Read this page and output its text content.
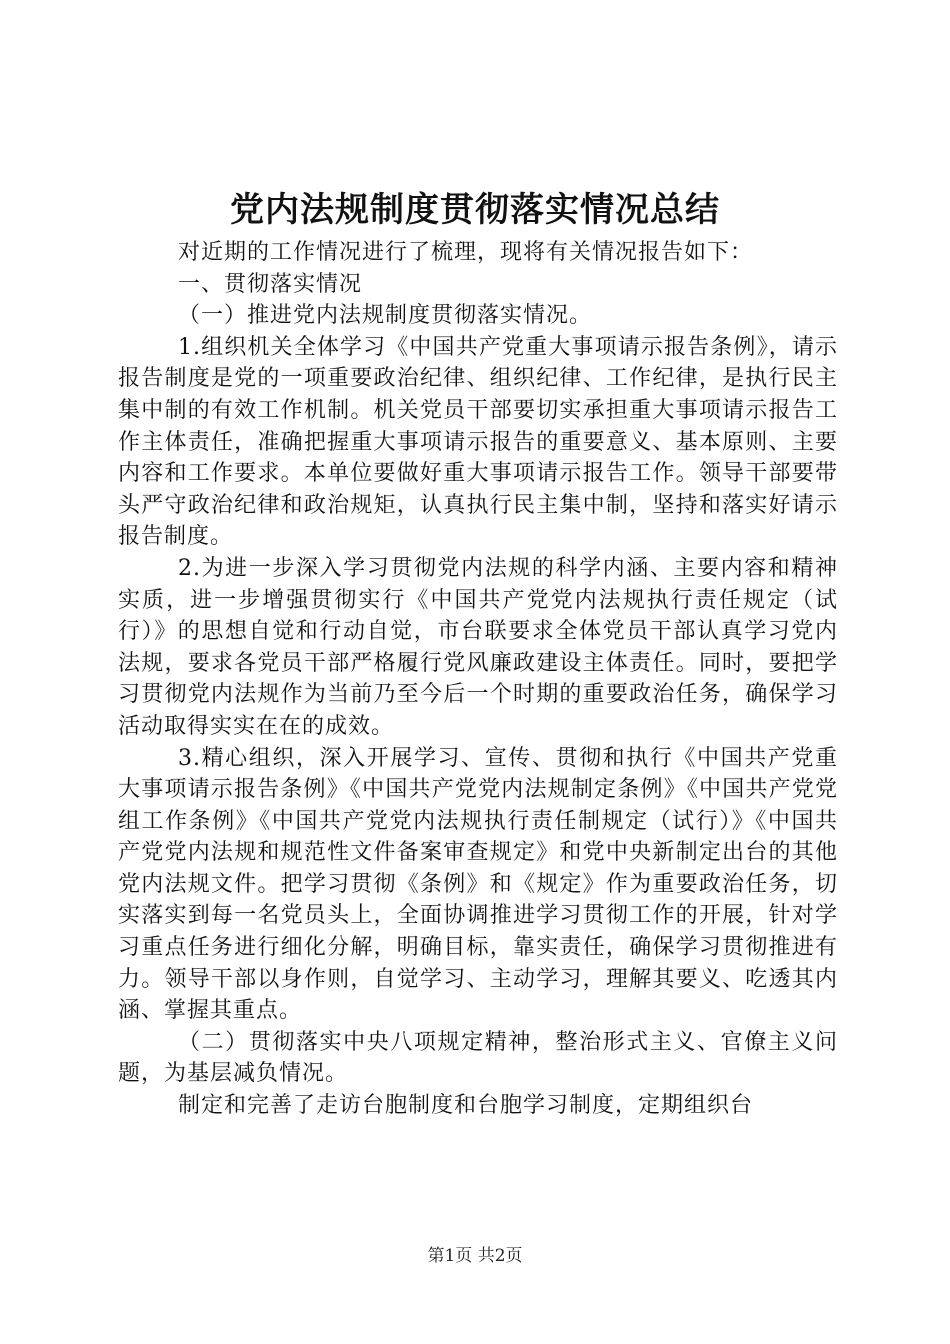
党内法规制度贯彻落实情况总结

对近期的工作情况进行了梳理，现将有关情况报告如下：

一、贯彻落实情况

（一）推进党内法规制度贯彻落实情况。

1.组织机关全体学习《中国共产党重大事项请示报告条例》，请示报告制度是党的一项重要政治纪律、组织纪律、工作纪律，是执行民主集中制的有效工作机制。机关党员干部要切实承担重大事项请示报告工作主体责任，准确把握重大事项请示报告的重要意义、基本原则、主要内容和工作要求。本单位要做好重大事项请示报告工作。领导干部要带头严守政治纪律和政治规矩，认真执行民主集中制，坚持和落实好请示报告制度。

2.为进一步深入学习贯彻党内法规的科学内涵、主要内容和精神实质，进一步增强贯彻实行《中国共产党党内法规执行责任规定（试行）》的思想自觉和行动自觉，市台联要求全体党员干部认真学习党内法规，要求各党员干部严格履行党风廉政建设主体责任。同时，要把学习贯彻党内法规作为当前乃至今后一个时期的重要政治任务，确保学习活动取得实实在在的成效。

3.精心组织，深入开展学习、宣传、贯彻和执行《中国共产党重大事项请示报告条例》《中国共产党党内法规制定条例》《中国共产党党组工作条例》《中国共产党党内法规执行责任制规定（试行）》《中国共产党党内法规和规范性文件备案审查规定》和党中央新制定出台的其他党内法规文件。把学习贯彻《条例》和《规定》作为重要政治任务，切实落实到每一名党员头上，全面协调推进学习贯彻工作的开展，针对学习重点任务进行细化分解，明确目标，靠实责任，确保学习贯彻推进有力。领导干部以身作则，自觉学习、主动学习，理解其要义、吃透其内涵、掌握其重点。

（二）贯彻落实中央八项规定精神，整治形式主义、官僚主义问题，为基层减负情况。

制定和完善了走访台胞制度和台胞学习制度，定期组织台

第1页 共2页
